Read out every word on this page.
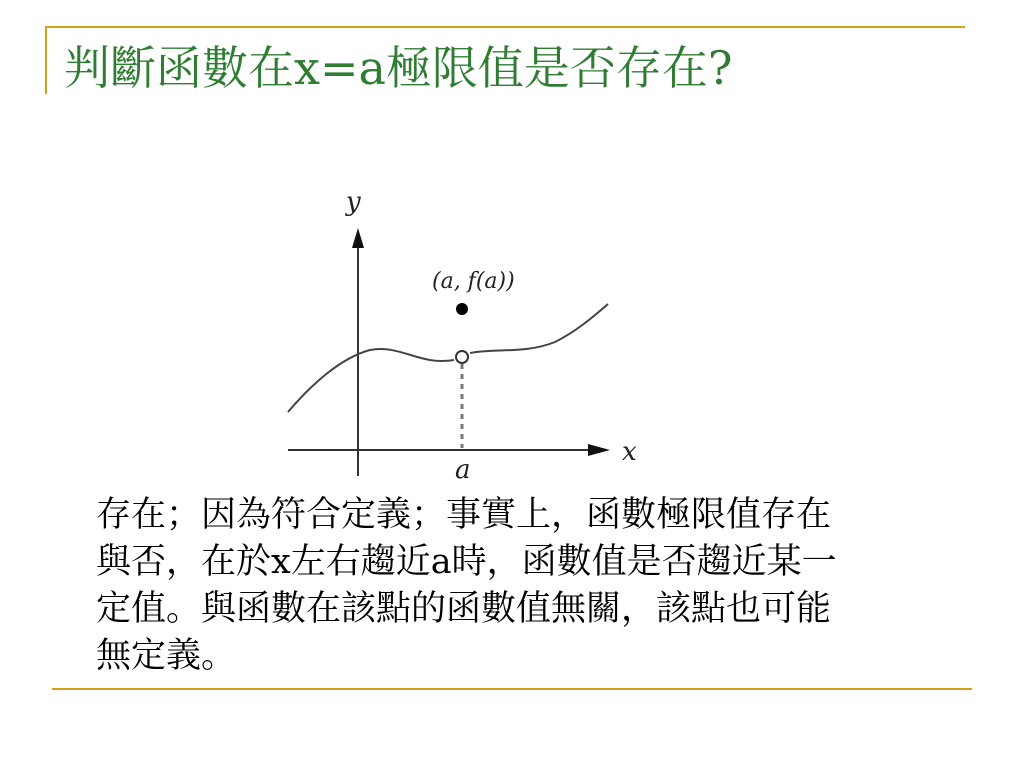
判斷函數在x=a極限值是否存在?
y
x
(a, f(a))
a

存在；因為符合定義；事實上，函數極限值存在

與否，在於x左右趨近a時，函數值是否趨近某一

定值。與函數在該點的函數值無關，該點也可能

無定義。
